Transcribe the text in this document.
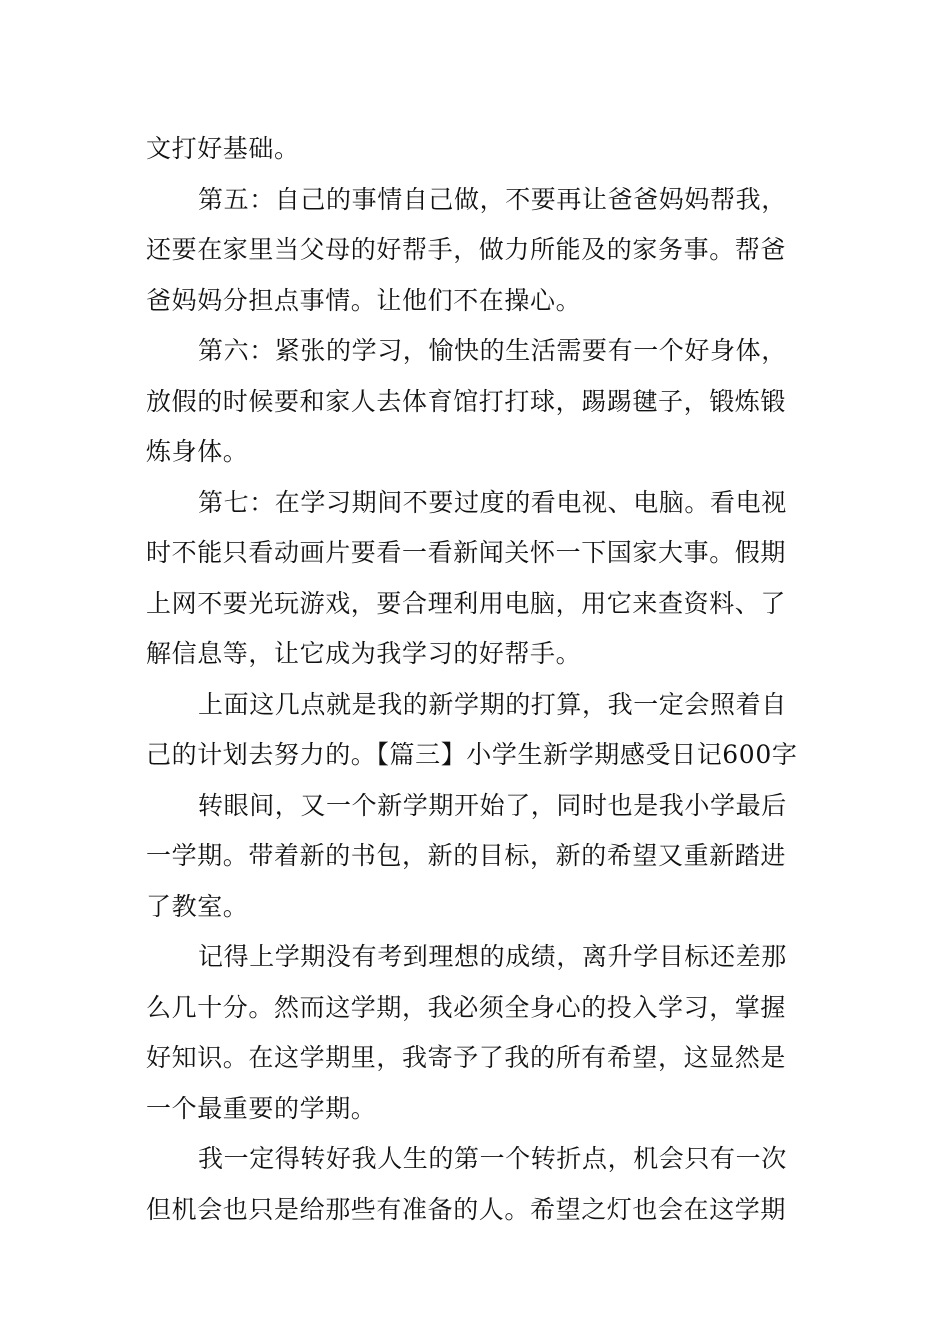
文打好基础。
第五：自己的事情自己做，不要再让爸爸妈妈帮我，
还要在家里当父母的好帮手，做力所能及的家务事。帮爸
爸妈妈分担点事情。让他们不在操心。
第六：紧张的学习，愉快的生活需要有一个好身体，
放假的时候要和家人去体育馆打打球，踢踢毽子，锻炼锻
炼身体。
第七：在学习期间不要过度的看电视、电脑。看电视
时不能只看动画片要看一看新闻关怀一下国家大事。假期
上网不要光玩游戏，要合理利用电脑，用它来查资料、了
解信息等，让它成为我学习的好帮手。
上面这几点就是我的新学期的打算，我一定会照着自
己的计划去努力的。【篇三】小学生新学期感受日记600字
转眼间，又一个新学期开始了，同时也是我小学最后
一学期。带着新的书包，新的目标，新的希望又重新踏进
了教室。
记得上学期没有考到理想的成绩，离升学目标还差那
么几十分。然而这学期，我必须全身心的投入学习，掌握
好知识。在这学期里，我寄予了我的所有希望，这显然是
一个最重要的学期。
我一定得转好我人生的第一个转折点，机会只有一次
但机会也只是给那些有准备的人。希望之灯也会在这学期
